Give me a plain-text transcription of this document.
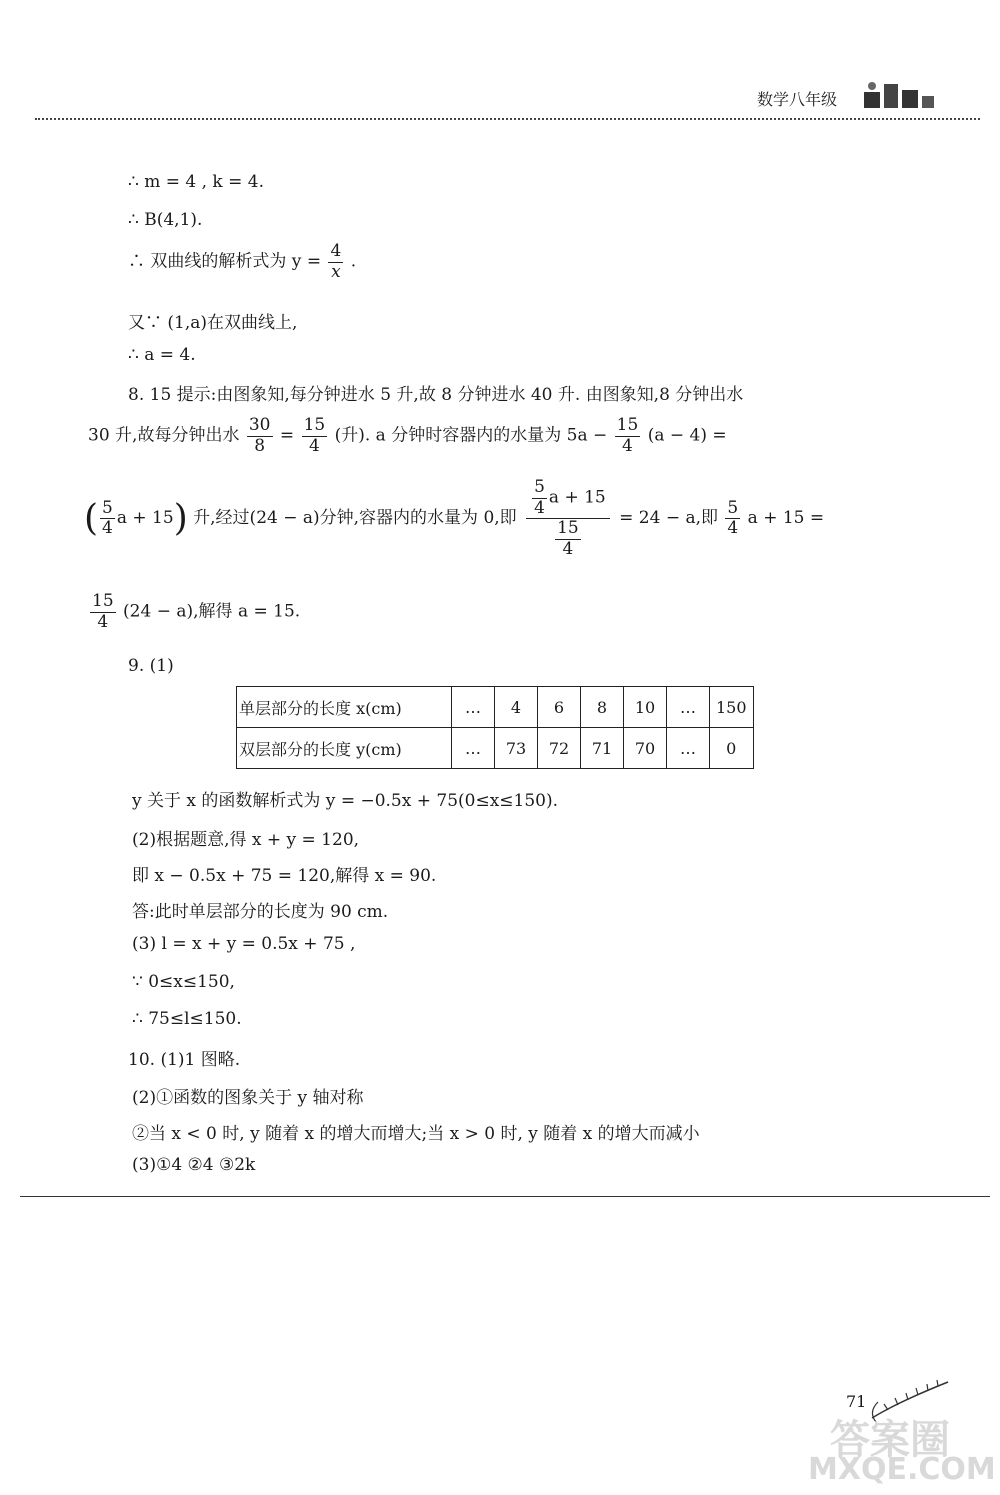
数学八年级
∴ m = 4 , k = 4.
∴ B(4,1).
∴ 双曲线的解析式为 $y = \frac{4}{x}$ .
又∵ (1,a)在双曲线上,
∴ a = 4.
8. 15 提示:由图象知,每分钟进水 5 升,故 8 分钟进水 40 升. 由图象知,8 分钟出水
30 升,故每分钟出水 $\frac{30}{8} = \frac{15}{4}$ (升). a 分钟时容器内的水量为 $5a - \frac{15}{4} (a - 4)$ =
( $\frac{5}{4}$ a + 15) 升,经过(24 − a)分钟,容器内的水量为 0,即 $\frac{\frac{5}{4} a + 15}{\frac{15}{4}} = 24 - a$,即 $\frac{5}{4}$ a + 15 =
$\frac{15}{4} (24 - a)$,解得 a = 15.
9. (1)
单层部分的长度 x(cm)	…	4	6	8	10	…	150
双层部分的长度 y(cm)	…	73	72	71	70	…	0
y 关于 x 的函数解析式为 y = −0.5x + 75(0≤x≤150).
(2)根据题意,得 x + y = 120,
即 x − 0.5x + 75 = 120,解得 x = 90.
答:此时单层部分的长度为 90 cm.
(3) l = x + y = 0.5x + 75 ,
∵ 0≤x≤150,
∴ 75≤l≤150.
10. (1)1 图略.
(2)①函数的图象关于 y 轴对称
②当 x < 0 时, y 随着 x 的增大而增大;当 x > 0 时, y 随着 x 的增大而减小
(3)①4 ②4 ③2k
71
答案圈
MXQE.COM
